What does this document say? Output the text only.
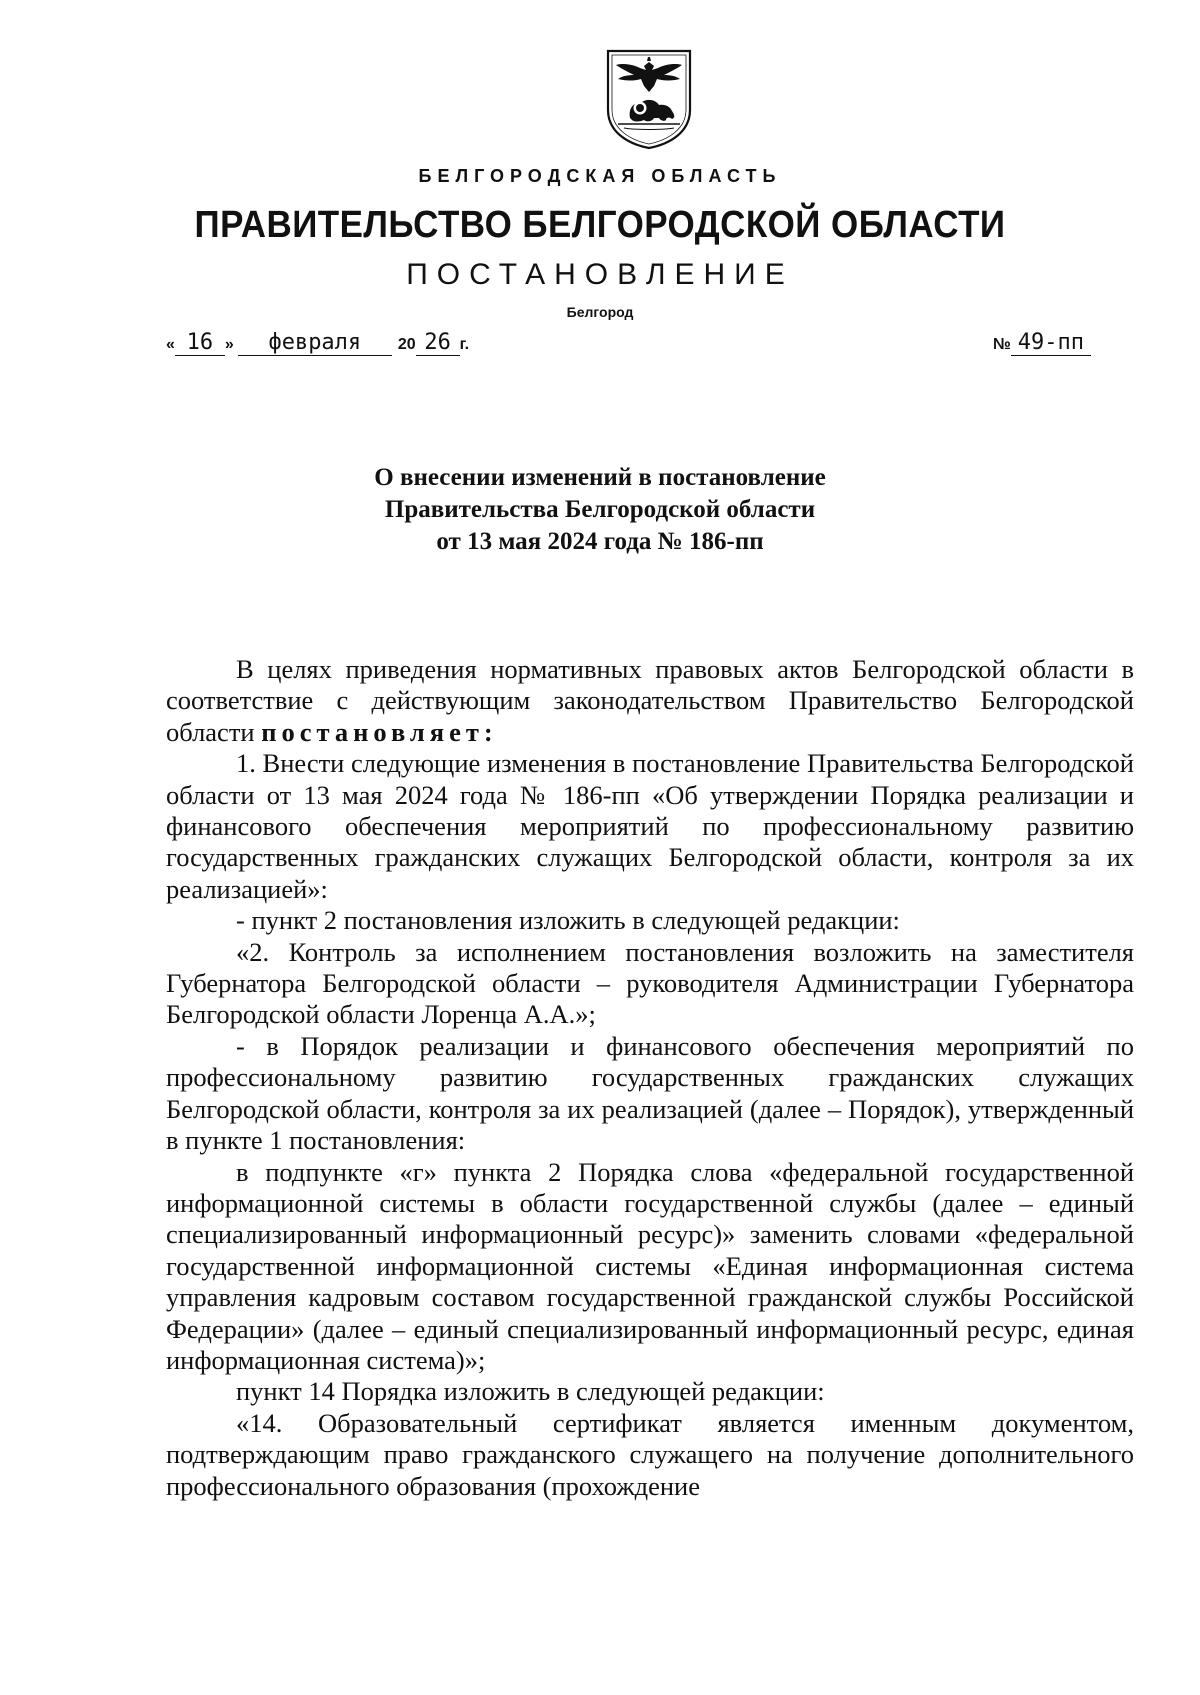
БЕЛГОРОДСКАЯ ОБЛАСТЬ
ПРАВИТЕЛЬСТВО БЕЛГОРОДСКОЙ ОБЛАСТИ
ПОСТАНОВЛЕНИЕ
Белгород
« 16 » февраля 20 26 г.	№ 49-пп
О внесении изменений в постановление
Правительства Белгородской области
от 13 мая 2024 года № 186-пп

В целях приведения нормативных правовых актов Белгородской области в соответствие с действующим законодательством Правительство Белгородской области постановляет:

1. Внести следующие изменения в постановление Правительства Белгородской области от 13 мая 2024 года № 186-пп «Об утверждении Порядка реализации и финансового обеспечения мероприятий по профессиональному развитию государственных гражданских служащих Белгородской области, контроля за их реализацией»:

- пункт 2 постановления изложить в следующей редакции:

«2. Контроль за исполнением постановления возложить на заместителя Губернатора Белгородской области – руководителя Администрации Губернатора Белгородской области Лоренца А.А.»;

- в Порядок реализации и финансового обеспечения мероприятий по профессиональному развитию государственных гражданских служащих Белгородской области, контроля за их реализацией (далее – Порядок), утвержденный в пункте 1 постановления:

в подпункте «г» пункта 2 Порядка слова «федеральной государственной информационной системы в области государственной службы (далее – единый специализированный информационный ресурс)» заменить словами «федеральной государственной информационной системы «Единая информационная система управления кадровым составом государственной гражданской службы Российской Федерации» (далее – единый специализированный информационный ресурс, единая информационная система)»;

пункт 14 Порядка изложить в следующей редакции:

«14. Образовательный сертификат является именным документом, подтверждающим право гражданского служащего на получение дополнительного профессионального образования (прохождение
